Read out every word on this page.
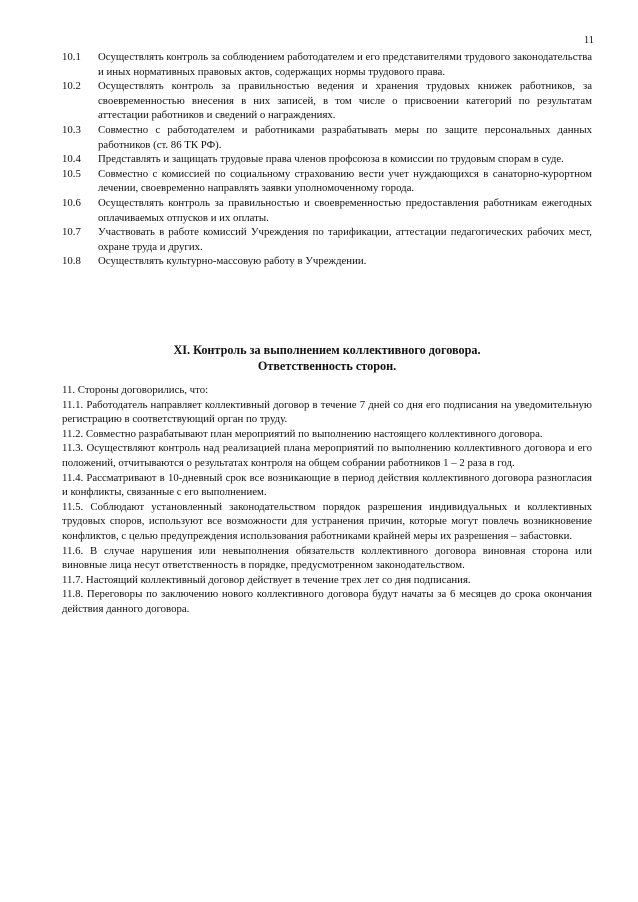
11
10.1	Осуществлять контроль за соблюдением работодателем и его представителями трудового законодательства и иных нормативных правовых актов, содержащих нормы трудового права.
10.2	Осуществлять контроль за правильностью ведения и хранения трудовых книжек работников, за своевременностью внесения в них записей, в том числе о присвоении категорий по результатам аттестации работников и сведений о награждениях.
10.3	Совместно с работодателем и работниками разрабатывать меры по защите персональных данных работников (ст. 86 ТК РФ).
10.4	Представлять и защищать трудовые права членов профсоюза в комиссии по трудовым спорам в суде.
10.5	Совместно с комиссией по социальному страхованию вести учет нуждающихся в санаторно-курортном лечении, своевременно направлять заявки уполномоченному города.
10.6	Осуществлять контроль за правильностью и своевременностью предоставления работникам ежегодных оплачиваемых отпусков и их оплаты.
10.7	Участвовать в работе комиссий Учреждения по тарификации, аттестации педагогических рабочих мест, охране труда и других.
10.8	Осуществлять культурно-массовую работу в Учреждении.
XI. Контроль за выполнением коллективного договора.
Ответственность сторон.
11. Стороны договорились, что:
11.1. Работодатель направляет коллективный договор в течение 7 дней со дня его подписания на уведомительную регистрацию в соответствующий орган по труду.
11.2. Совместно разрабатывают план мероприятий по выполнению настоящего коллективного договора.
11.3. Осуществляют контроль над реализацией плана мероприятий по выполнению коллективного договора и его положений, отчитываются о результатах контроля на общем собрании работников 1 – 2 раза в год.
11.4. Рассматривают в 10-дневный срок все возникающие в период действия коллективного договора разногласия и конфликты, связанные с его выполнением.
11.5. Соблюдают установленный законодательством порядок разрешения индивидуальных и коллективных трудовых споров, используют все возможности для устранения причин, которые могут повлечь возникновение конфликтов, с целью предупреждения использования работниками крайней меры их разрешения – забастовки.
11.6. В случае нарушения или невыполнения обязательств коллективного договора виновная сторона или виновные лица несут ответственность в порядке, предусмотренном законодательством.
11.7. Настоящий коллективный договор действует в течение трех лет со дня подписания.
11.8. Переговоры по заключению нового коллективного договора будут начаты за 6 месяцев до срока окончания действия данного договора.
